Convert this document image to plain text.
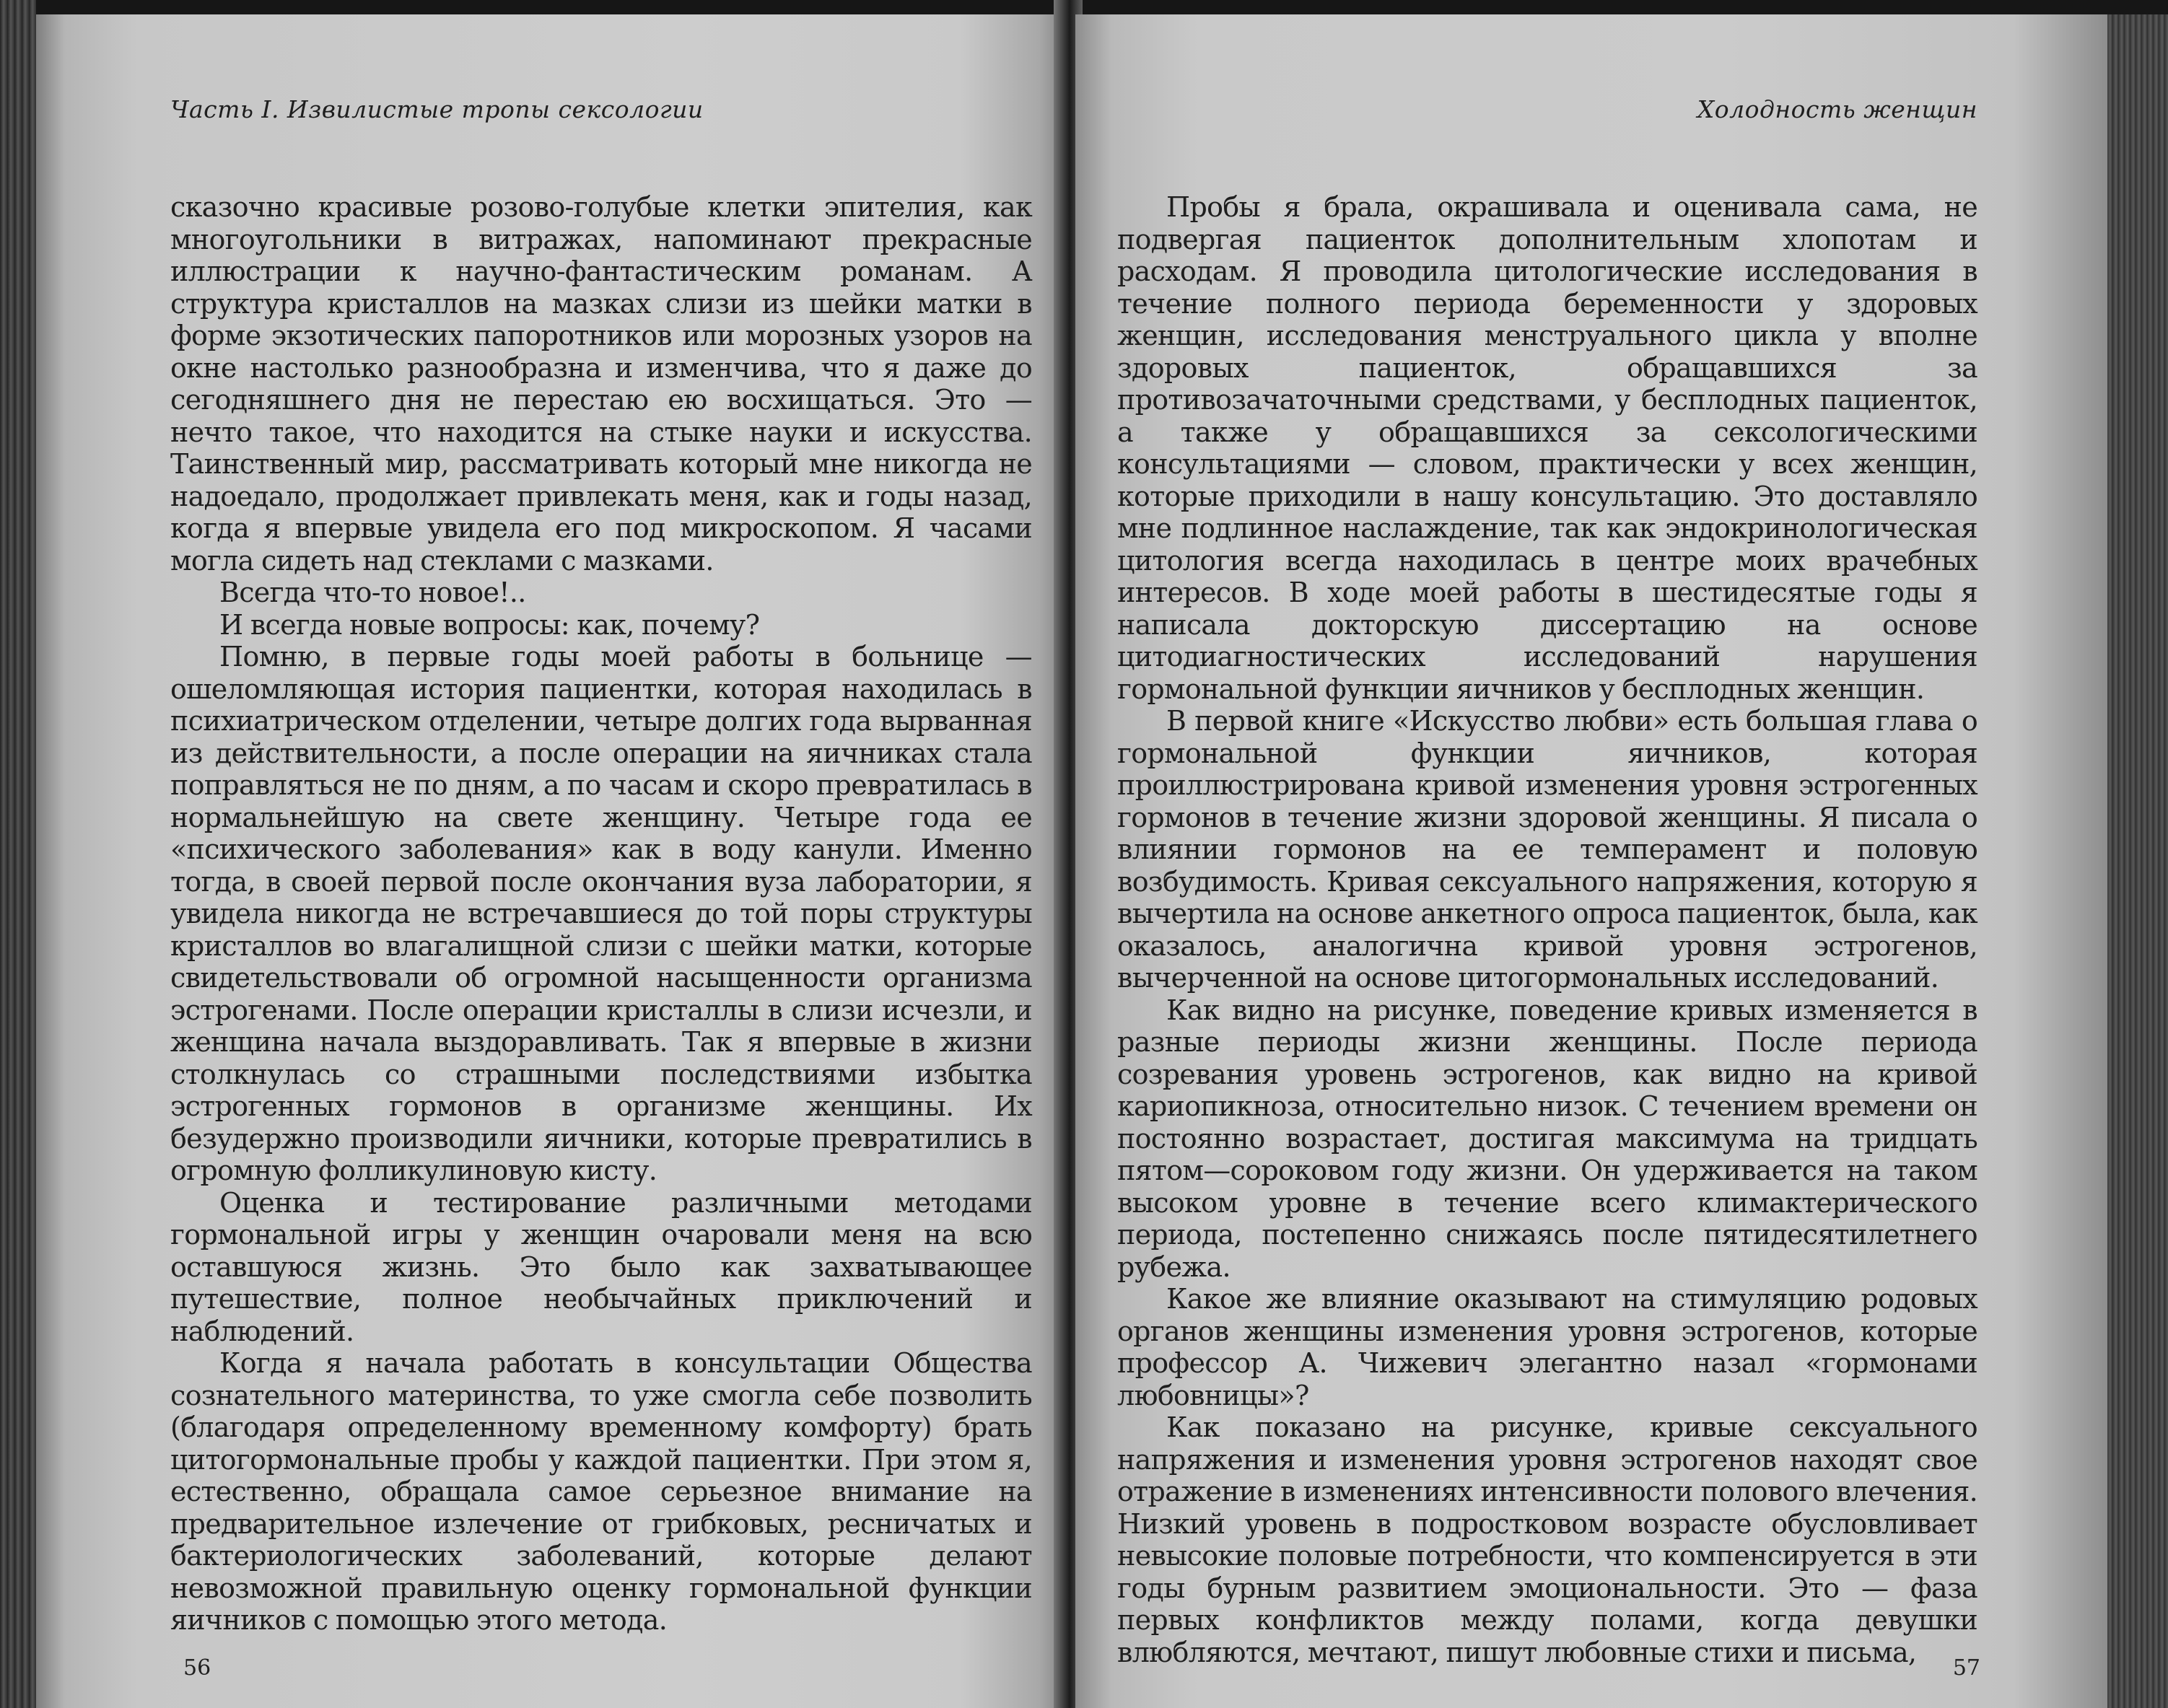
Часть I. Извилистые тропы сексологии

сказочно красивые розово-голубые клетки эпителия, как многоугольники в витражах, напоминают прекрасные иллюстрации к научно-фантастическим романам. А структура кристаллов на мазках слизи из шейки матки в форме экзотических папоротников или морозных узоров на окне настолько разнообразна и изменчива, что я даже до сегодняшнего дня не перестаю ею восхищаться. Это — нечто такое, что находится на стыке науки и искусства. Таинственный мир, рассматривать который мне никогда не надоедало, продолжает привлекать меня, как и годы назад, когда я впервые увидела его под микроскопом. Я часами могла сидеть над стеклами с мазками.

Всегда что-то новое!..

И всегда новые вопросы: как, почему?

Помню, в первые годы моей работы в больнице — ошеломляющая история пациентки, которая находилась в психиатрическом отделении, четыре долгих года вырванная из действительности, а после операции на яичниках стала поправляться не по дням, а по часам и скоро превратилась в нормальнейшую на свете женщину. Четыре года ее «психического заболевания» как в воду канули. Именно тогда, в своей первой после окончания вуза лаборатории, я увидела никогда не встречавшиеся до той поры структуры кристаллов во влагалищной слизи с шейки матки, которые свидетельствовали об огромной насыщенности организма эстрогенами. После операции кристаллы в слизи исчезли, и женщина начала выздоравливать. Так я впервые в жизни столкнулась со страшными последствиями избытка эстрогенных гормонов в организме женщины. Их безудержно производили яичники, которые превратились в огромную фолликулиновую кисту.

Оценка и тестирование различными методами гормональной игры у женщин очаровали меня на всю оставшуюся жизнь. Это было как захватывающее путешествие, полное необычайных приключений и наблюдений.

Когда я начала работать в консультации Общества сознательного материнства, то уже смогла себе позволить (благодаря определенному временному комфорту) брать цитогормональные пробы у каждой пациентки. При этом я, естественно, обращала самое серьезное внимание на предварительное излечение от грибковых, ресничатых и бактериологических заболеваний, которые делают невозможной правильную оценку гормональной функции яичников с помощью этого метода.

56
Холодность женщин

Пробы я брала, окрашивала и оценивала сама, не подвергая пациенток дополнительным хлопотам и расходам. Я проводила цитологические исследования в течение полного периода беременности у здоровых женщин, исследования менструального цикла у вполне здоровых пациенток, обращавшихся за противозачаточными средствами, у бесплодных пациенток, а также у обращавшихся за сексологическими консультациями — словом, практически у всех женщин, которые приходили в нашу консультацию. Это доставляло мне подлинное наслаждение, так как эндокринологическая цитология всегда находилась в центре моих врачебных интересов. В ходе моей работы в шестидесятые годы я написала докторскую диссертацию на основе цитодиагностических исследований нарушения гормональной функции яичников у бесплодных женщин.

В первой книге «Искусство любви» есть большая глава о гормональной функции яичников, которая проиллюстрирована кривой изменения уровня эстрогенных гормонов в течение жизни здоровой женщины. Я писала о влиянии гормонов на ее темперамент и половую возбудимость. Кривая сексуального напряжения, которую я вычертила на основе анкетного опроса пациенток, была, как оказалось, аналогична кривой уровня эстрогенов, вычерченной на основе цитогормональных исследований.

Как видно на рисунке, поведение кривых изменяется в разные периоды жизни женщины. После периода созревания уровень эстрогенов, как видно на кривой кариопикноза, относительно низок. С течением времени он постоянно возрастает, достигая максимума на тридцать пятом—сороковом году жизни. Он удерживается на таком высоком уровне в течение всего климактерического периода, постепенно снижаясь после пятидесятилетнего рубежа.

Какое же влияние оказывают на стимуляцию родовых органов женщины изменения уровня эстрогенов, которые профессор А. Чижевич элегантно назал «гормонами любовницы»?

Как показано на рисунке, кривые сексуального напряжения и изменения уровня эстрогенов находят свое отражение в изменениях интенсивности полового влечения. Низкий уровень в подростковом возрасте обусловливает невысокие половые потребности, что компенсируется в эти годы бурным развитием эмоциональности. Это — фаза первых конфликтов между полами, когда девушки влюбляются, мечтают, пишут любовные стихи и письма,	57
